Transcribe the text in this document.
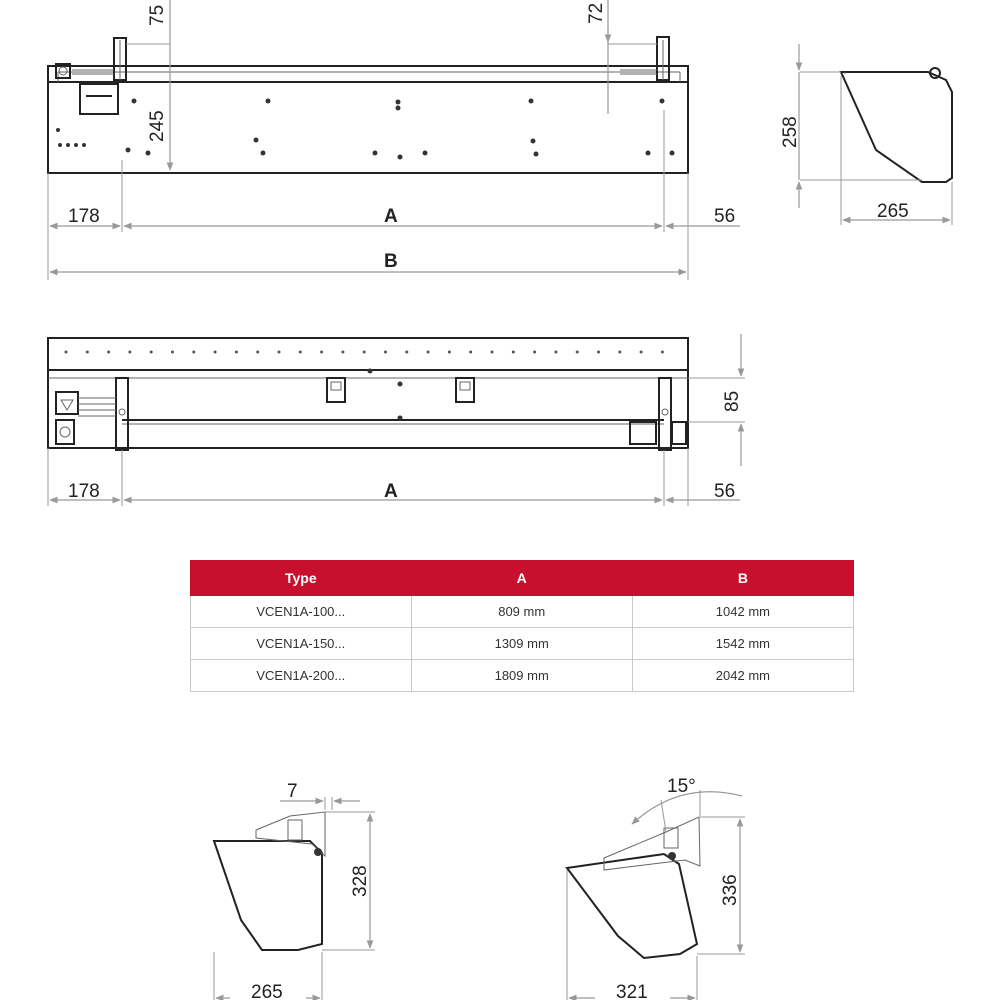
75	72
245
178	A	56
B
258
265
85
178	A	56
328
7
265
15°
336
321
Type	A	B
VCEN1A-100...	809 mm	1042 mm
VCEN1A-150...	1309 mm	1542 mm
VCEN1A-200...	1809 mm	2042 mm
